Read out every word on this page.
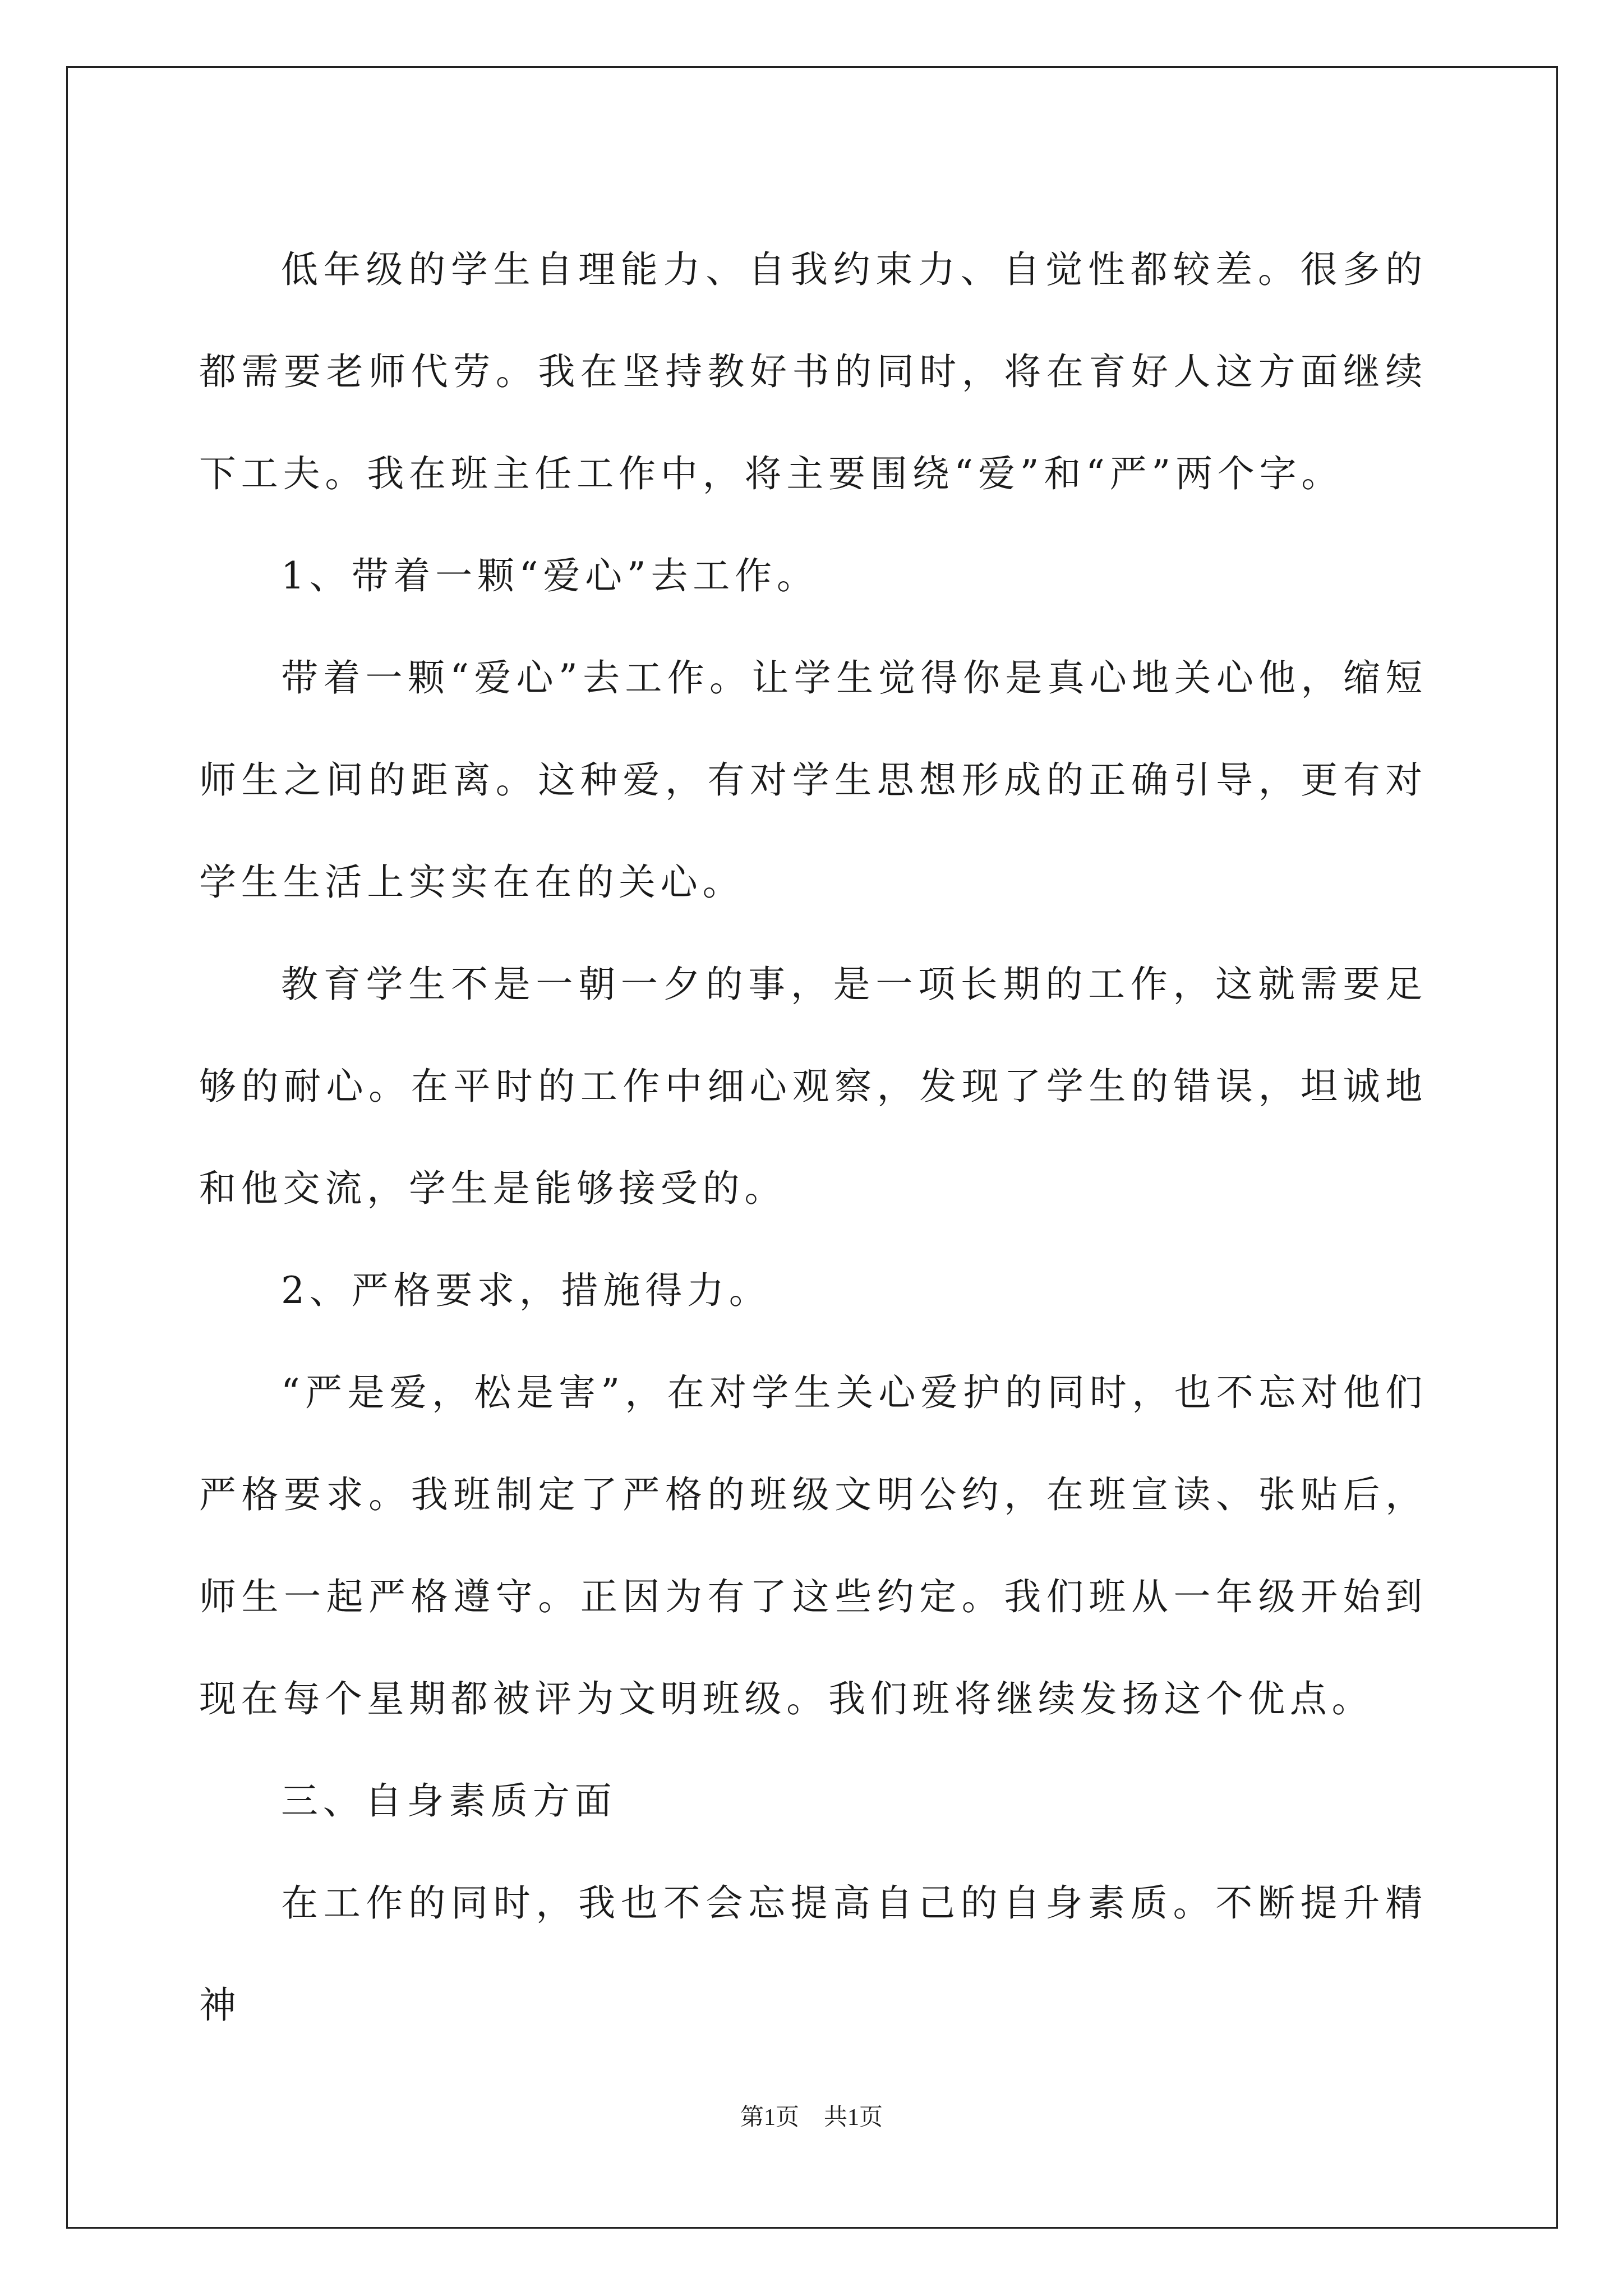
低年级的学生自理能力、自我约束力、自觉性都较差。很多的都需要老师代劳。我在坚持教好书的同时，将在育好人这方面继续下工夫。我在班主任工作中，将主要围绕“爱”和“严”两个字。

1、带着一颗“爱心”去工作。

带着一颗“爱心”去工作。让学生觉得你是真心地关心他，缩短师生之间的距离。这种爱，有对学生思想形成的正确引导，更有对学生生活上实实在在的关心。

教育学生不是一朝一夕的事，是一项长期的工作，这就需要足够的耐心。在平时的工作中细心观察，发现了学生的错误，坦诚地和他交流，学生是能够接受的。

2、严格要求，措施得力。

“严是爱，松是害”，在对学生关心爱护的同时，也不忘对他们严格要求。我班制定了严格的班级文明公约，在班宣读、张贴后，师生一起严格遵守。正因为有了这些约定。我们班从一年级开始到现在每个星期都被评为文明班级。我们班将继续发扬这个优点。

三、自身素质方面

在工作的同时，我也不会忘提高自己的自身素质。不断提升精神

第1页 共1页
